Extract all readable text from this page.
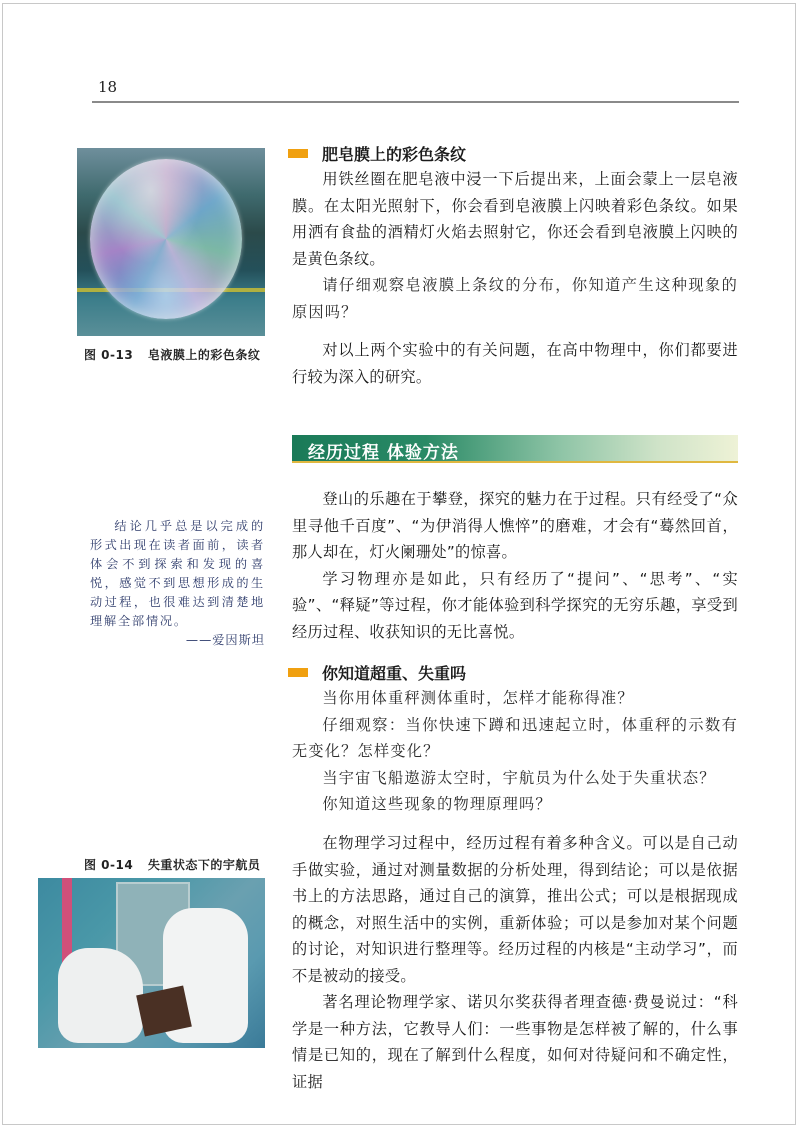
18
图 0-13 皂液膜上的彩色条纹
肥皂膜上的彩色条纹

用铁丝圈在肥皂液中浸一下后提出来，上面会蒙上一层皂液膜。在太阳光照射下，你会看到皂液膜上闪映着彩色条纹。如果用洒有食盐的酒精灯火焰去照射它，你还会看到皂液膜上闪映的是黄色条纹。

请仔细观察皂液膜上条纹的分布，你知道产生这种现象的原因吗？

对以上两个实验中的有关问题，在高中物理中，你们都要进行较为深入的研究。

经历过程 体验方法

结论几乎总是以完成的形式出现在读者面前，读者体会不到探索和发现的喜悦，感觉不到思想形成的生动过程，也很难达到清楚地理解全部情况。

——爱因斯坦

登山的乐趣在于攀登，探究的魅力在于过程。只有经受了“众里寻他千百度”、“为伊消得人憔悴”的磨难，才会有“蓦然回首，那人却在，灯火阑珊处”的惊喜。

学习物理亦是如此，只有经历了“提问”、“思考”、“实验”、“释疑”等过程，你才能体验到科学探究的无穷乐趣，享受到经历过程、收获知识的无比喜悦。

你知道超重、失重吗

当你用体重秤测体重时，怎样才能称得准？

仔细观察：当你快速下蹲和迅速起立时，体重秤的示数有无变化？怎样变化？

当宇宙飞船遨游太空时，宇航员为什么处于失重状态？

你知道这些现象的物理原理吗？

图 0-14 失重状态下的宇航员

在物理学习过程中，经历过程有着多种含义。可以是自己动手做实验，通过对测量数据的分析处理，得到结论；可以是依据书上的方法思路，通过自己的演算，推出公式；可以是根据现成的概念，对照生活中的实例，重新体验；可以是参加对某个问题的讨论，对知识进行整理等。经历过程的内核是“主动学习”，而不是被动的接受。

著名理论物理学家、诺贝尔奖获得者理查德·费曼说过：“科学是一种方法，它教导人们：一些事物是怎样被了解的，什么事情是已知的，现在了解到什么程度，如何对待疑问和不确定性，证据
